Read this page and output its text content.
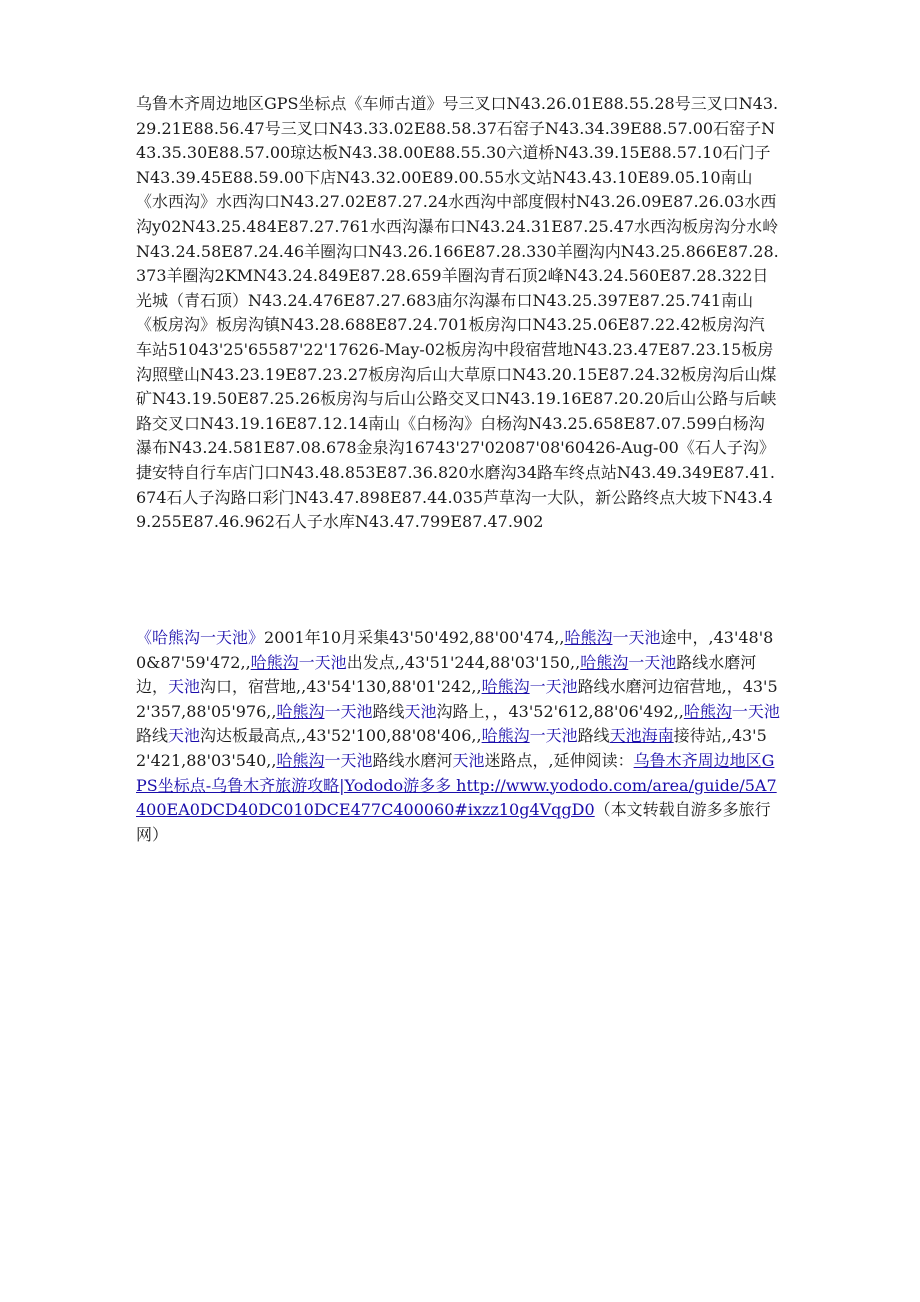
乌鲁木齐周边地区GPS坐标点《车师古道》号三叉口N43.26.01E88.55.28号三叉口N43.29.21E88.56.47号三叉口N43.33.02E88.58.37石窑子N43.34.39E88.57.00石窑子N43.35.30E88.57.00琼达板N43.38.00E88.55.30六道桥N43.39.15E88.57.10石门子N43.39.45E88.59.00下店N43.32.00E89.00.55水文站N43.43.10E89.05.10南山《水西沟》水西沟口N43.27.02E87.27.24水西沟中部度假村N43.26.09E87.26.03水西沟y02N43.25.484E87.27.761水西沟瀑布口N43.24.31E87.25.47水西沟板房沟分水岭N43.24.58E87.24.46羊圈沟口N43.26.166E87.28.330羊圈沟内N43.25.866E87.28.373羊圈沟2KMN43.24.849E87.28.659羊圈沟青石顶2峰N43.24.560E87.28.322日光城（青石顶）N43.24.476E87.27.683庙尔沟瀑布口N43.25.397E87.25.741南山《板房沟》板房沟镇N43.28.688E87.24.701板房沟口N43.25.06E87.22.42板房沟汽车站51043'25'65587'22'17626-May-02板房沟中段宿营地N43.23.47E87.23.15板房沟照壁山N43.23.19E87.23.27板房沟后山大草原口N43.20.15E87.24.32板房沟后山煤矿N43.19.50E87.25.26板房沟与后山公路交叉口N43.19.16E87.20.20后山公路与后峡路交叉口N43.19.16E87.12.14南山《白杨沟》白杨沟N43.25.658E87.07.599白杨沟瀑布N43.24.581E87.08.678金泉沟16743'27'02087'08'60426-Aug-00《石人子沟》捷安特自行车店门口N43.48.853E87.36.820水磨沟34路车终点站N43.49.349E87.41.674石人子沟路口彩门N43.47.898E87.44.035芦草沟一大队，新公路终点大坡下N43.49.255E87.46.962石人子水库N43.47.799E87.47.902

《哈熊沟一天池》2001年10月采集43'50'492,88'00'474,,哈熊沟一天池途中，,43'48'80&87'59'472,,哈熊沟一天池出发点,,43'51'244,88'03'150,,哈熊沟一天池路线水磨河边，天池沟口，宿营地,,43'54'130,88'01'242,,哈熊沟一天池路线水磨河边宿营地,，43'52'357,88'05'976,,哈熊沟一天池路线天池沟路上，，43'52'612,88'06'492,,哈熊沟一天池路线天池沟达板最高点,,43'52'100,88'08'406,,哈熊沟一天池路线天池海南接待站,,43'52'421,88'03'540,,哈熊沟一天池路线水磨河天池迷路点，,延伸阅读：乌鲁木齐周边地区GPS坐标点-乌鲁木齐旅游攻略|Yododo游多多 http://www.yododo.com/area/guide/5A7400EA0DCD40DC010DCE477C400060#ixzz10g4VqgD0（本文转载自游多多旅行网）
